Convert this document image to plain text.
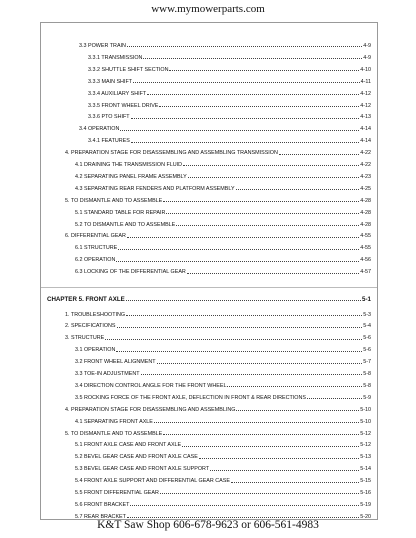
www.mymowerparts.com
3.3 POWER TRAIN	4-9
3.3.1 TRANSMISSION	4-9
3.3.2 SHUTTLE SHIFT SECTION	4-10
3.3.3 MAIN SHIFT	4-11
3.3.4 AUXILIARY SHIFT	4-12
3.3.5 FRONT WHEEL DRIVE	4-12
3.3.6 PTO SHIFT	4-13
3.4 OPERATION	4-14
3.4.1 FEATURES	4-14
4. PREPARATION STAGE FOR DISASSEMBLING AND ASSEMBLING TRANSMISSION	4-22
4.1 DRAINING THE TRANSMISSION FLUID	4-22
4.2 SEPARATING PANEL FRAME ASSEMBLY	4-23
4.3 SEPARATING REAR FENDERS AND PLATFORM ASSEMBLY	4-25
5. TO DISMANTLE AND TO ASSEMBLE	4-28
5.1 STANDARD TABLE FOR REPAIR	4-28
5.2 TO DISMANTLE AND TO ASSEMBLE	4-28
6. DIFFERENTIAL GEAR	4-55
6.1 STRUCTURE	4-55
6.2 OPERATION	4-56
6.3 LOCKING OF THE DIFFERENTIAL GEAR	4-57
CHAPTER 5. FRONT AXLE	5-1
1. TROUBLESHOOTING	5-3
2. SPECIFICATIONS	5-4
3. STRUCTURE	5-6
3.1 OPERATION	5-6
3.2 FRONT WHEEL ALIGNMENT	5-7
3.3 TOE-IN ADJUSTMENT	5-8
3.4 DIRECTION CONTROL ANGLE FOR THE FRONT WHEEL	5-8
3.5 ROCKING FORCE OF THE FRONT AXLE, DEFLECTION IN FRONT & REAR DIRECTIONS	5-9
4. PREPARATION STAGE FOR DISASSEMBLING AND ASSEMBLING	5-10
4.1 SEPARATING FRONT AXLE	5-10
5. TO DISMANTLE AND TO ASSEMBLE	5-12
5.1 FRONT AXLE CASE AND FRONT AXLE	5-12
5.2 BEVEL GEAR CASE AND FRONT AXLE CASE	5-13
5.3 BEVEL GEAR CASE AND FRONT AXLE SUPPORT	5-14
5.4 FRONT AXLE SUPPORT AND DIFFERENTIAL GEAR CASE	5-15
5.5 FRONT DIFFERENTIAL GEAR	5-16
5.6 FRONT BRACKET	5-19
5.7 REAR BRACKET	5-20
K&T Saw Shop 606-678-9623 or 606-561-4983
